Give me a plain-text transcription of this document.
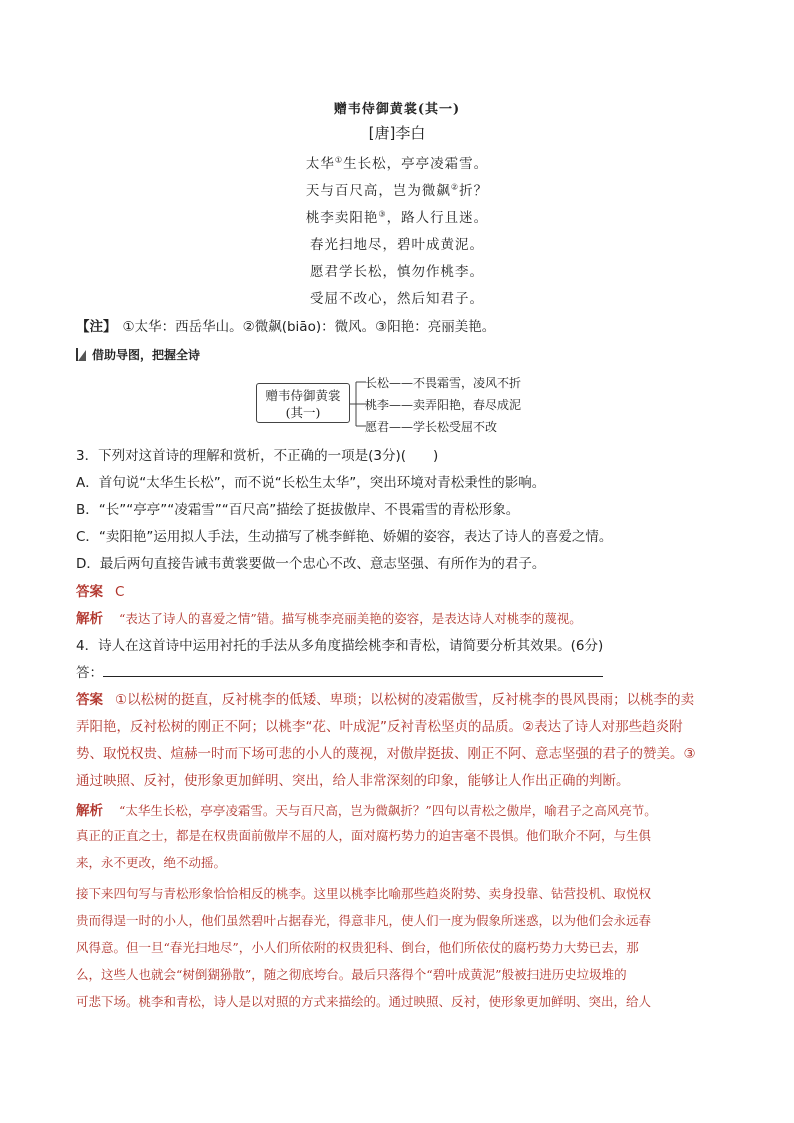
赠韦侍御黄裳(其一)
[唐]李白
太华①生长松，亭亭凌霜雪。
天与百尺高，岂为微飙②折？
桃李卖阳艳③，路人行且迷。
春光扫地尽，碧叶成黄泥。
愿君学长松，慎勿作桃李。
受屈不改心，然后知君子。
【注】 ①太华：西岳华山。②微飙(biāo)：微风。③阳艳：亮丽美艳。
借助导图，把握全诗
赠韦侍御黄裳
(其一)
长松——不畏霜雪，凌风不折
桃李——卖弄阳艳，春尽成泥
愿君——学长松受屈不改
3．下列对这首诗的理解和赏析，不正确的一项是(3分)(　　)
A．首句说“太华生长松”，而不说“长松生太华”，突出环境对青松秉性的影响。
B．“长”“亭亭”“凌霜雪”“百尺高”描绘了挺拔傲岸、不畏霜雪的青松形象。
C．“卖阳艳”运用拟人手法，生动描写了桃李鲜艳、娇媚的姿容，表达了诗人的喜爱之情。
D．最后两句直接告诫韦黄裳要做一个忠心不改、意志坚强、有所作为的君子。
答案 C
解析 “表达了诗人的喜爱之情”错。描写桃李亮丽美艳的姿容，是表达诗人对桃李的蔑视。
4．诗人在这首诗中运用衬托的手法从多角度描绘桃李和青松，请简要分析其效果。(6分)
答：
答案 ①以松树的挺直，反衬桃李的低矮、卑琐；以松树的凌霜傲雪，反衬桃李的畏风畏雨；以桃李的卖
弄阳艳，反衬松树的刚正不阿；以桃李“花、叶成泥”反衬青松坚贞的品质。②表达了诗人对那些趋炎附
势、取悦权贵、煊赫一时而下场可悲的小人的蔑视，对傲岸挺拔、刚正不阿、意志坚强的君子的赞美。③
通过映照、反衬，使形象更加鲜明、突出，给人非常深刻的印象，能够让人作出正确的判断。
解析 “太华生长松，亭亭凌霜雪。天与百尺高，岂为微飙折？”四句以青松之傲岸，喻君子之高风亮节。
真正的正直之士，都是在权贵面前傲岸不屈的人，面对腐朽势力的迫害毫不畏惧。他们耿介不阿，与生俱
来，永不更改，绝不动摇。
接下来四句写与青松形象恰恰相反的桃李。这里以桃李比喻那些趋炎附势、卖身投靠、钻营投机、取悦权
贵而得逞一时的小人，他们虽然碧叶占据春光，得意非凡，使人们一度为假象所迷惑，以为他们会永远春
风得意。但一旦“春光扫地尽”，小人们所依附的权贵犯科、倒台，他们所依仗的腐朽势力大势已去，那
么，这些人也就会“树倒猢狲散”，随之彻底垮台。最后只落得个“碧叶成黄泥”般被扫进历史垃圾堆的
可悲下场。桃李和青松，诗人是以对照的方式来描绘的。通过映照、反衬，使形象更加鲜明、突出，给人
